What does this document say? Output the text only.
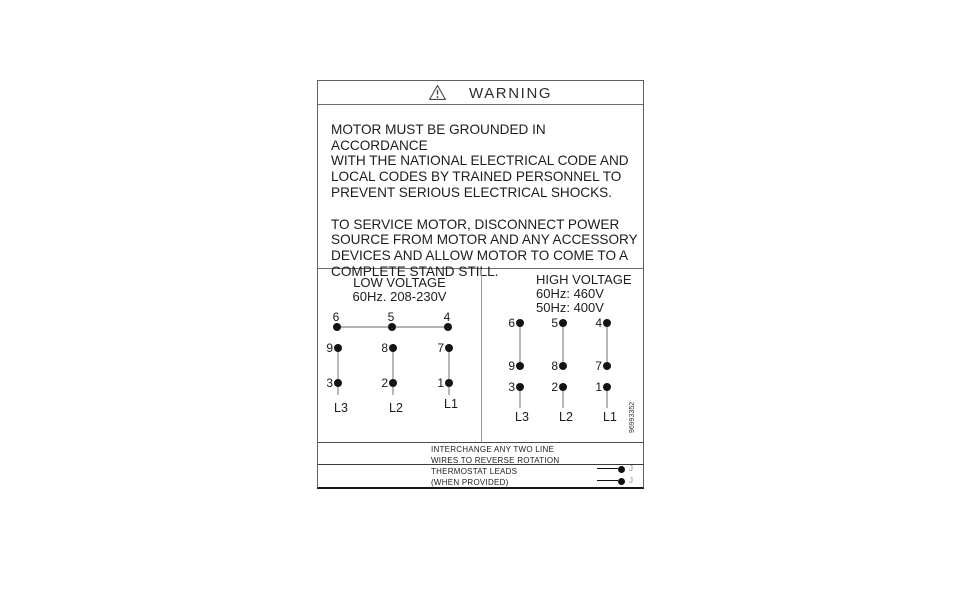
WARNING
MOTOR MUST BE GROUNDED IN ACCORDANCE
WITH THE NATIONAL ELECTRICAL CODE AND
LOCAL CODES BY TRAINED PERSONNEL TO
PREVENT SERIOUS ELECTRICAL SHOCKS.
TO SERVICE MOTOR, DISCONNECT POWER
SOURCE FROM MOTOR AND ANY ACCESSORY
DEVICES AND ALLOW MOTOR TO COME TO A
COMPLETE STAND STILL.
LOW VOLTAGE
60Hz. 208-230V
6	5	4
9	8	7
3	2	1
L3	L2	L1
HIGH VOLTAGE
60Hz: 460V
50Hz: 400V
6	5	4
9	8	7
3	2	1
L3 L2 L1 96993352
INTERCHANGE ANY TWO LINE
WIRES TO REVERSE ROTATION
THERMOSTAT LEADS
(WHEN PROVIDED)
J
J
